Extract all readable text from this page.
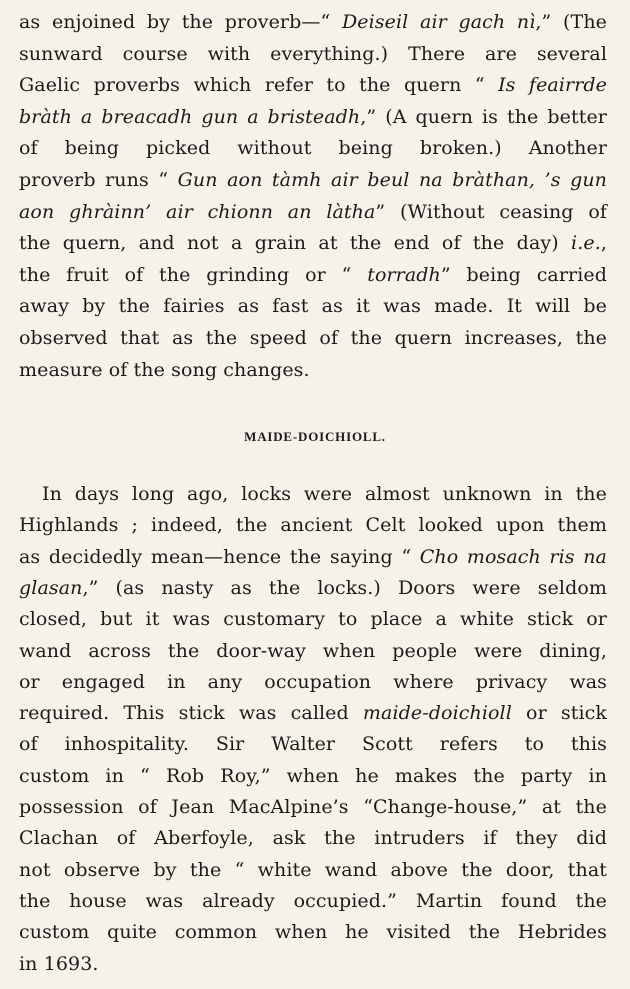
as enjoined by the proverb—“ Deiseil air gach nì,” (The
sunward course with everything.) There are several
Gaelic proverbs which refer to the quern “ Is feairrde
bràth a breacadh gun a bristeadh,” (A quern is the better
of being picked without being broken.) Another
proverb runs “ Gun aon tàmh air beul na bràthan, ’s gun
aon ghràinn’ air chionn an làtha” (Without ceasing of
the quern, and not a grain at the end of the day) i.e.,
the fruit of the grinding or “ torradh” being carried
away by the fairies as fast as it was made. It will be
observed that as the speed of the quern increases, the
measure of the song changes.
MAIDE-DOICHIOLL.
In days long ago, locks were almost unknown in the
Highlands ; indeed, the ancient Celt looked upon them
as decidedly mean—hence the saying “ Cho mosach ris na
glasan,” (as nasty as the locks.) Doors were seldom
closed, but it was customary to place a white stick or
wand across the door-way when people were dining,
or engaged in any occupation where privacy was
required. This stick was called maide-doichioll or stick
of inhospitality. Sir Walter Scott refers to this
custom in “ Rob Roy,” when he makes the party in
possession of Jean MacAlpine’s “Change-house,” at the
Clachan of Aberfoyle, ask the intruders if they did
not observe by the “ white wand above the door, that
the house was already occupied.” Martin found the
custom quite common when he visited the Hebrides
in 1693.
